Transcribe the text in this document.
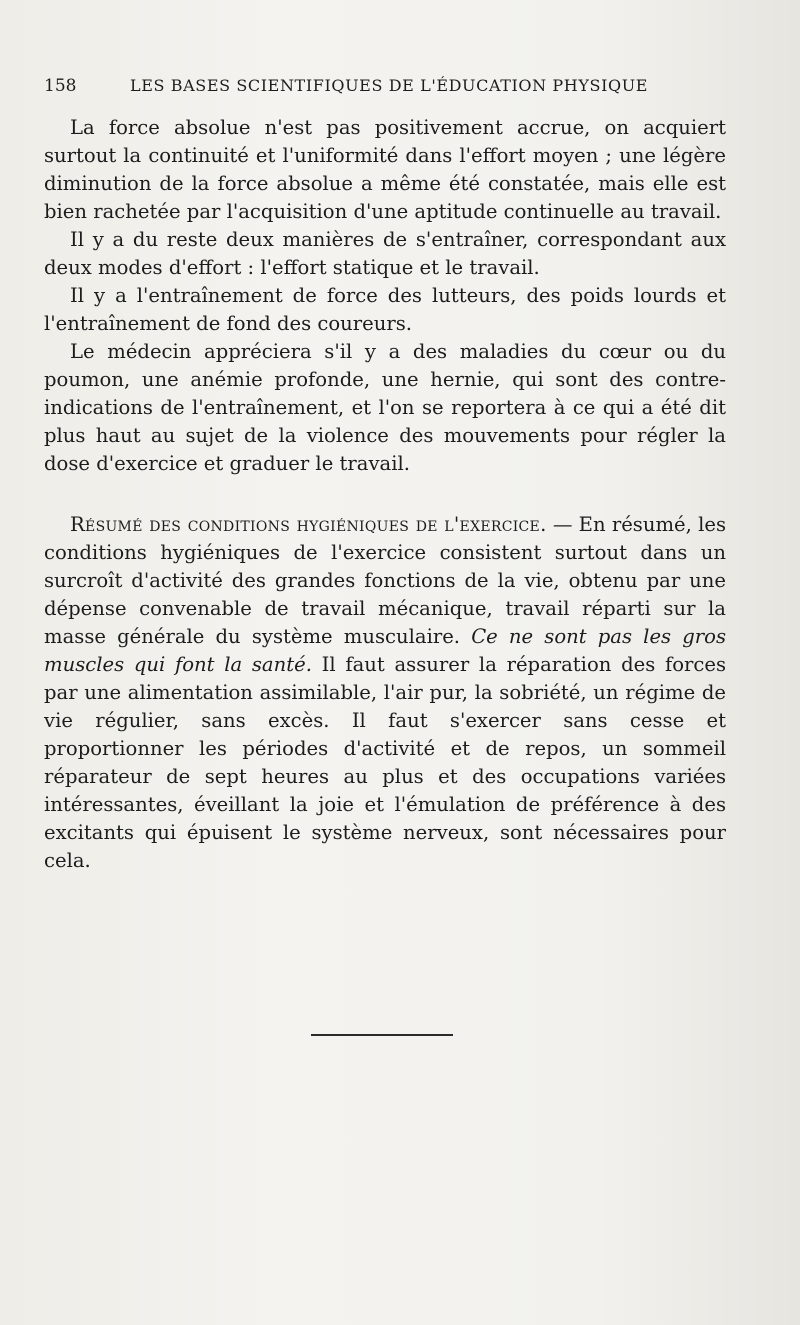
158	LES BASES SCIENTIFIQUES DE L'ÉDUCATION PHYSIQUE

La force absolue n'est pas positivement accrue, on acquiert surtout la continuité et l'uniformité dans l'effort moyen ; une légère diminution de la force absolue a même été constatée, mais elle est bien rachetée par l'acquisition d'une aptitude continuelle au travail.

Il y a du reste deux manières de s'entraîner, correspondant aux deux modes d'effort : l'effort statique et le travail.

Il y a l'entraînement de force des lutteurs, des poids lourds et l'entraînement de fond des coureurs.

Le médecin appréciera s'il y a des maladies du cœur ou du poumon, une anémie profonde, une hernie, qui sont des contre-indications de l'entraînement, et l'on se reportera à ce qui a été dit plus haut au sujet de la violence des mouvements pour régler la dose d'exercice et graduer le travail.

Résumé des conditions hygiéniques de l'exercice. — En résumé, les conditions hygiéniques de l'exercice consistent surtout dans un surcroît d'activité des grandes fonctions de la vie, obtenu par une dépense convenable de travail mécanique, travail réparti sur la masse générale du système musculaire. Ce ne sont pas les gros muscles qui font la santé. Il faut assurer la réparation des forces par une alimentation assimilable, l'air pur, la sobriété, un régime de vie régulier, sans excès. Il faut s'exercer sans cesse et proportionner les périodes d'activité et de repos, un sommeil réparateur de sept heures au plus et des occupations variées intéressantes, éveillant la joie et l'émulation de préférence à des excitants qui épuisent le système nerveux, sont nécessaires pour cela.
